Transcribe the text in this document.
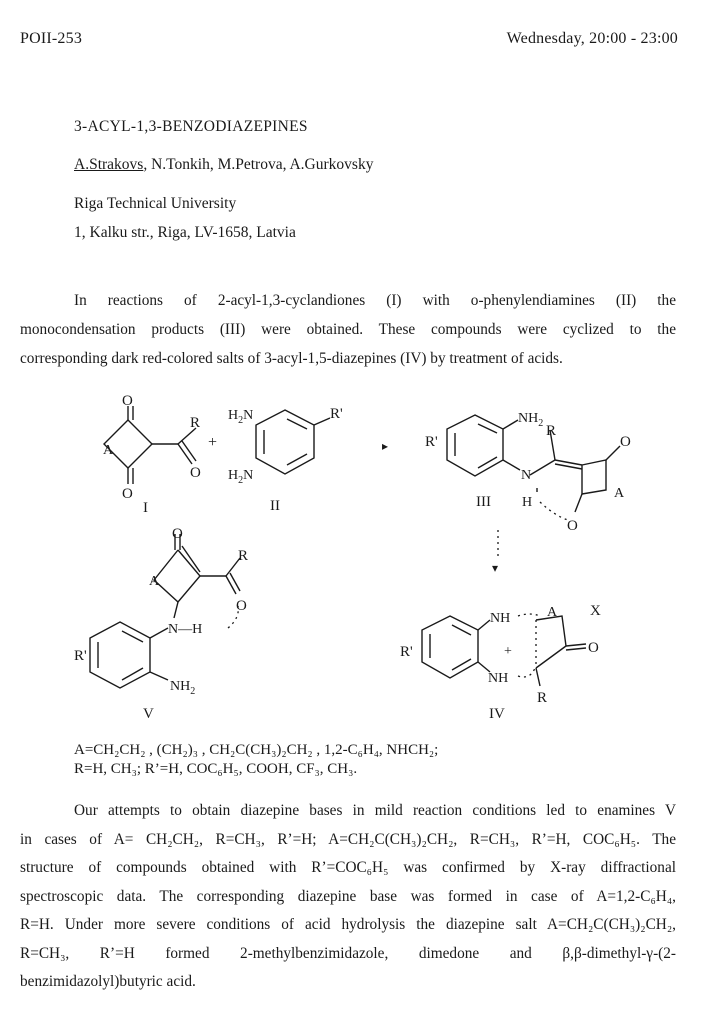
POII-253	Wednesday, 20:00 - 23:00
3-ACYL-1,3-BENZODIAZEPINES
A.Strakovs, N.Tonkih, M.Petrova, A.Gurkovsky
Riga Technical University
1, Kalku str., Riga, LV-1658, Latvia
In reactions of 2-acyl-1,3-cyclandiones (I) with o-phenylendiamines (II) the
monocondensation products (III) were obtained. These compounds were cyclized to the
corresponding dark red-colored salts of 3-acyl-1,5-diazepines (IV) by treatment of acids.
O
O
A
R
O
I
+
$H_2N$
$H_2N$
R'
II
▸ R'
$NH_2$ R
N
O
A
H
O
III
▾
O
A
R
O
N—H
R'
$NH_2$
V
R'
NH
NH
A X
+	O
R
IV
A=CH₂CH₂ , (CH₂)₃ , CH₂C(CH₃)₂CH₂ , 1,2-C₆H₄, NHCH₂;
R=H, CH₃; R’=H, COC₆H₅, COOH, CF₃, CH₃.
Our attempts to obtain diazepine bases in mild reaction conditions led to enamines V
in cases of A= CH₂CH₂, R=CH₃, R’=H; A=CH₂C(CH₃)₂CH₂, R=CH₃, R’=H, COC₆H₅. The
structure of compounds obtained with R’=COC₆H₅ was confirmed by X-ray diffractional
spectroscopic data. The corresponding diazepine base was formed in case of A=1,2-C₆H₄,
R=H. Under more severe conditions of acid hydrolysis the diazepine salt A=CH₂C(CH₃)₂CH₂,
R=CH₃, R’=H formed 2-methylbenzimidazole, dimedone and β,β-dimethyl-γ-(2-
benzimidazolyl)butyric acid.
